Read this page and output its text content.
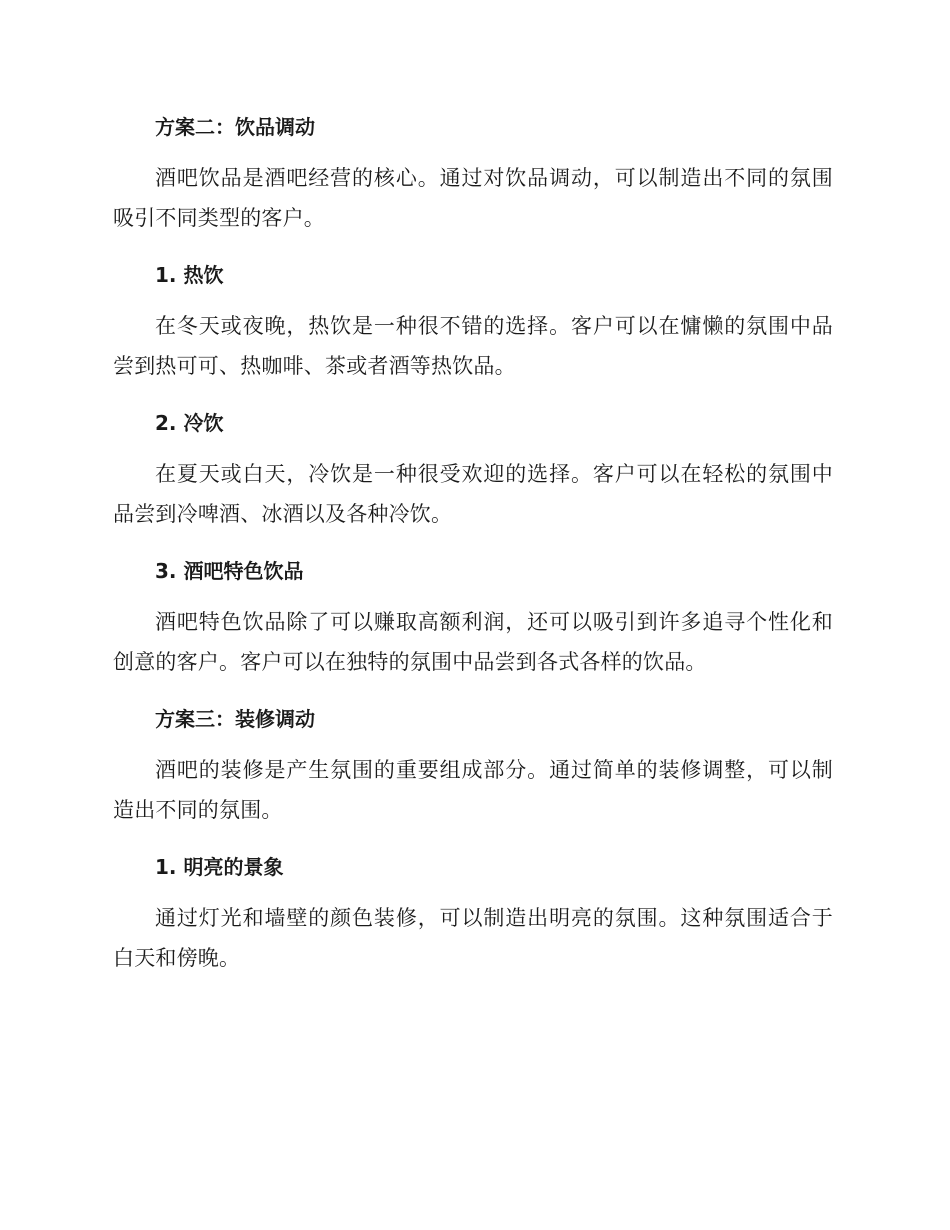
方案二：饮品调动

酒吧饮品是酒吧经营的核心。通过对饮品调动，可以制造出不同的氛围吸引不同类型的客户。

1. 热饮

在冬天或夜晚，热饮是一种很不错的选择。客户可以在慵懒的氛围中品尝到热可可、热咖啡、茶或者酒等热饮品。

2. 冷饮

在夏天或白天，冷饮是一种很受欢迎的选择。客户可以在轻松的氛围中品尝到冷啤酒、冰酒以及各种冷饮。

3. 酒吧特色饮品

酒吧特色饮品除了可以赚取高额利润，还可以吸引到许多追寻个性化和创意的客户。客户可以在独特的氛围中品尝到各式各样的饮品。

方案三：装修调动

酒吧的装修是产生氛围的重要组成部分。通过简单的装修调整，可以制造出不同的氛围。

1. 明亮的景象

通过灯光和墙壁的颜色装修，可以制造出明亮的氛围。这种氛围适合于白天和傍晚。
